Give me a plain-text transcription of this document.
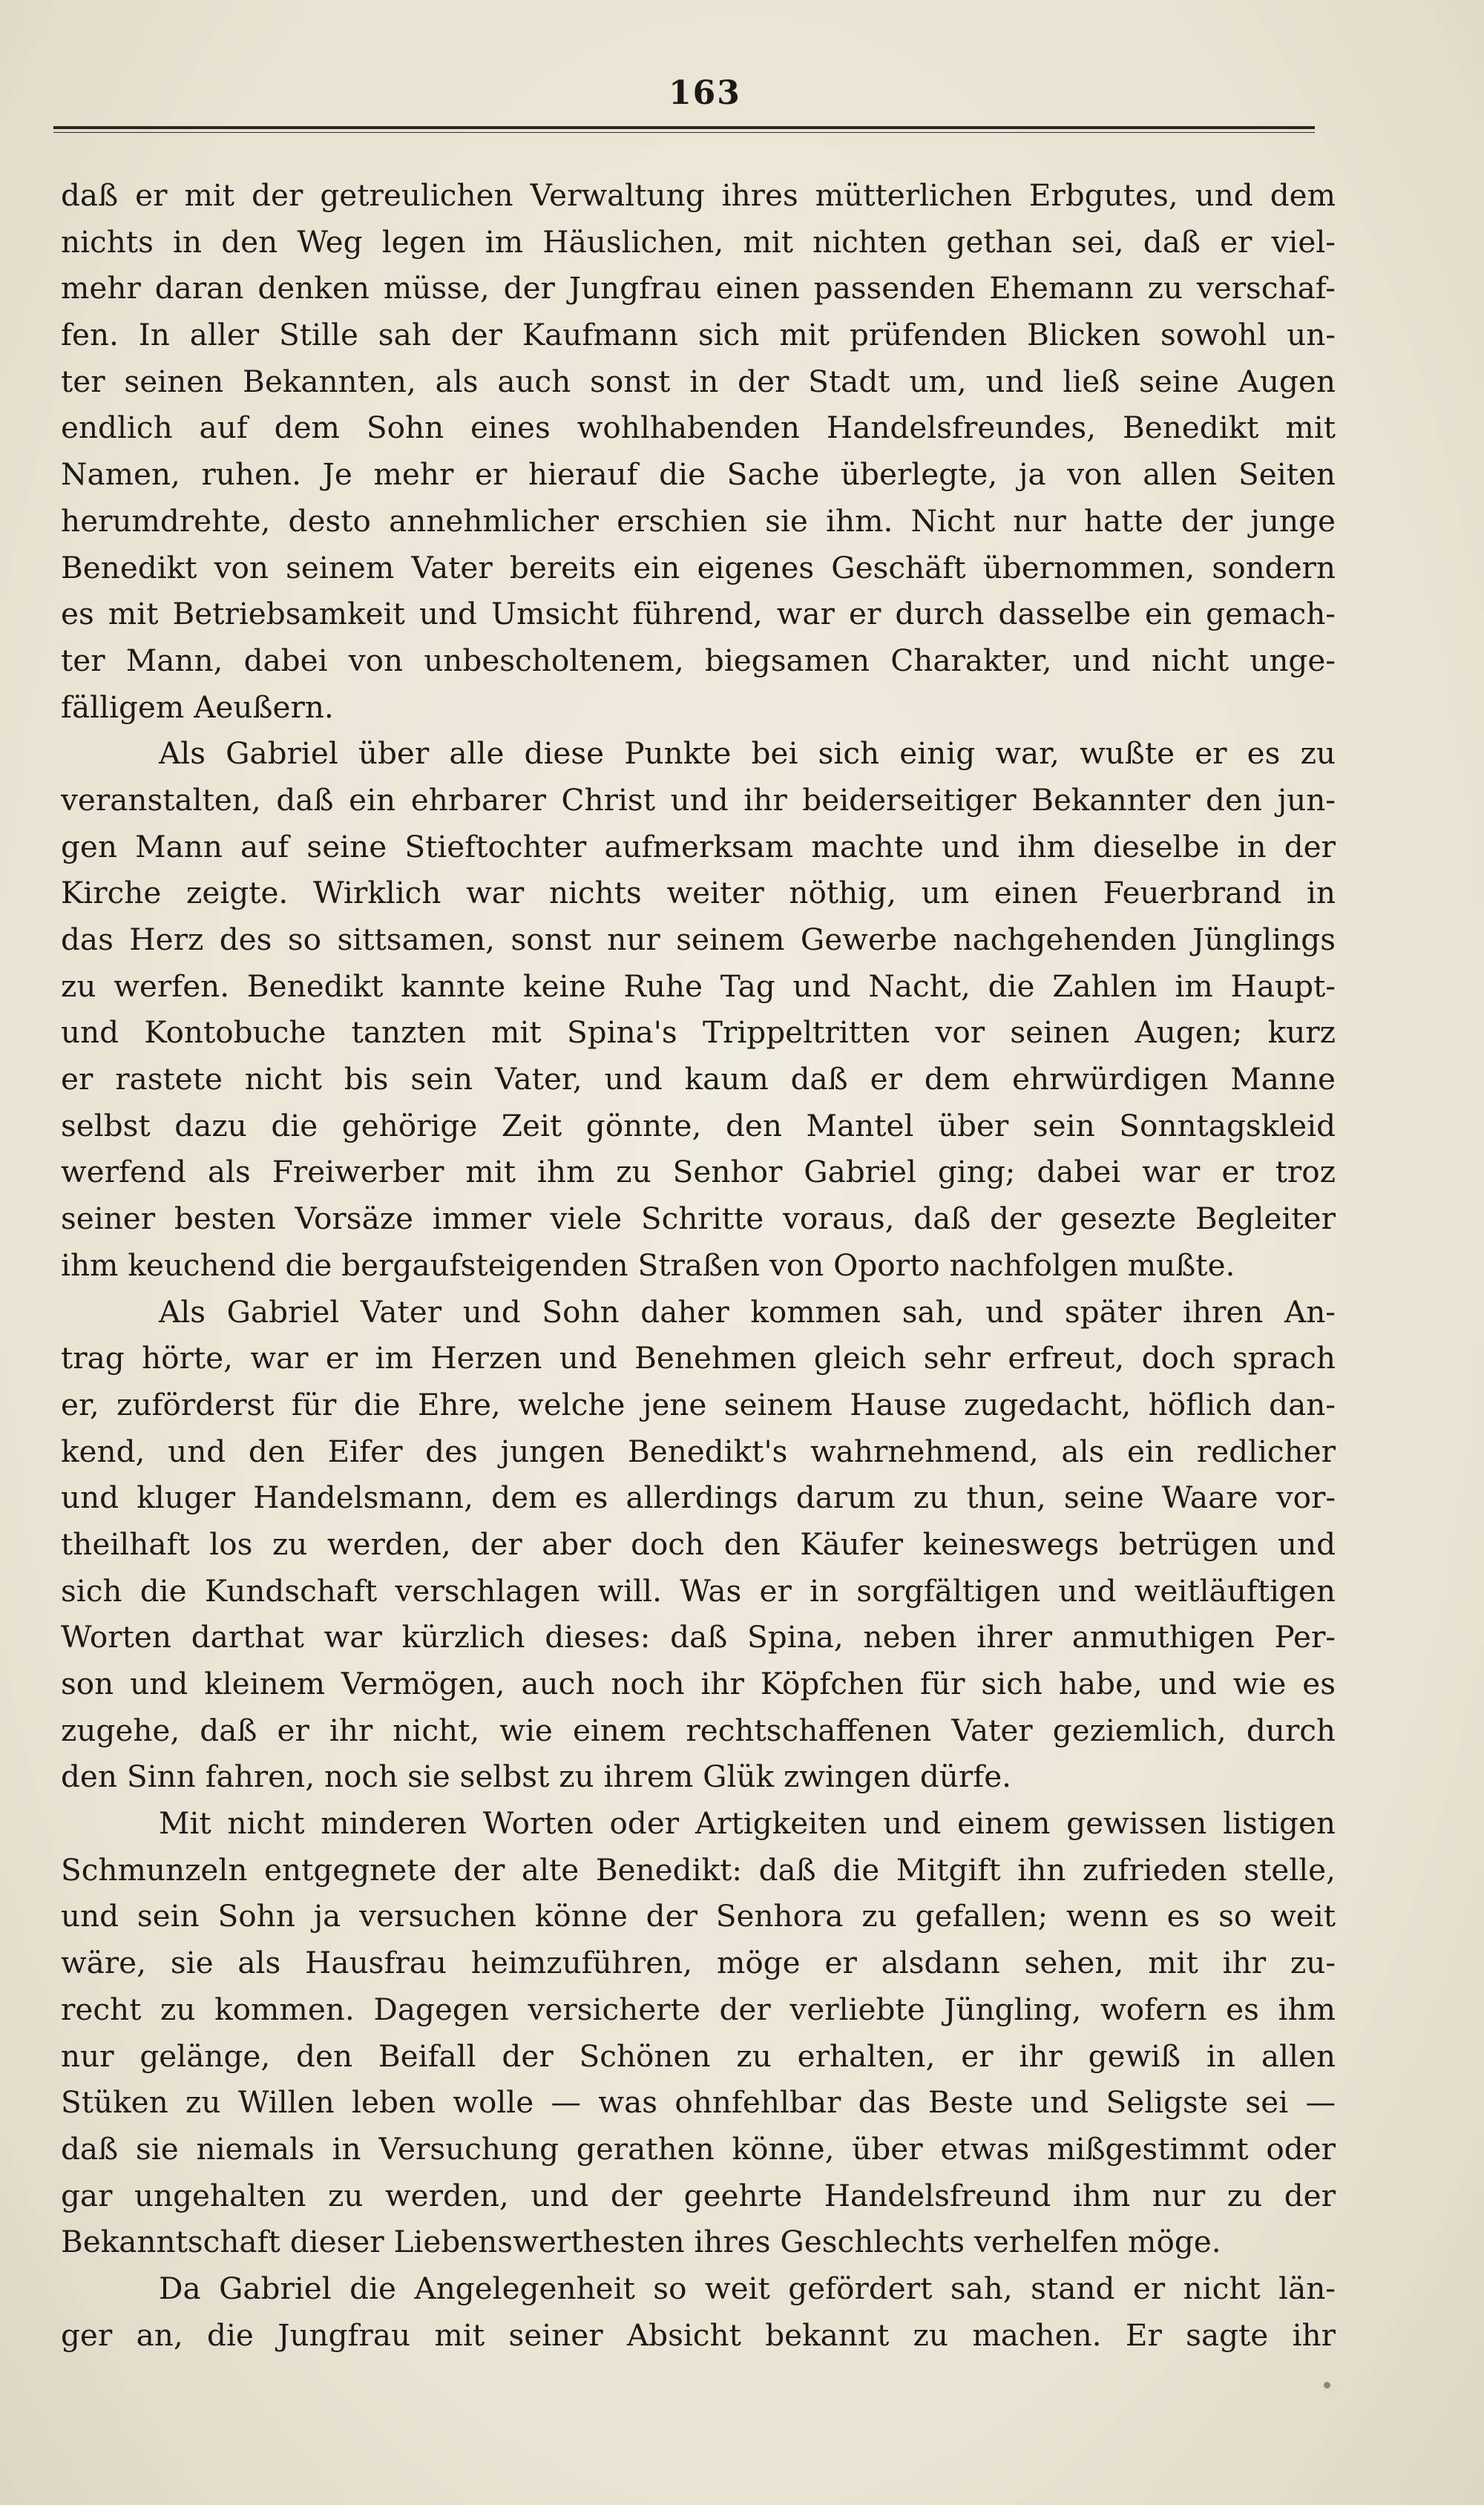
163
daß er mit der getreulichen Verwaltung ihres mütterlichen Erbgutes, und dem
nichts in den Weg legen im Häuslichen, mit nichten gethan sei, daß er viel-
mehr daran denken müsse, der Jungfrau einen passenden Ehemann zu verschaf-
fen. In aller Stille sah der Kaufmann sich mit prüfenden Blicken sowohl un-
ter seinen Bekannten, als auch sonst in der Stadt um, und ließ seine Augen
endlich auf dem Sohn eines wohlhabenden Handelsfreundes, Benedikt mit
Namen, ruhen. Je mehr er hierauf die Sache überlegte, ja von allen Seiten
herumdrehte, desto annehmlicher erschien sie ihm. Nicht nur hatte der junge
Benedikt von seinem Vater bereits ein eigenes Geschäft übernommen, sondern
es mit Betriebsamkeit und Umsicht führend, war er durch dasselbe ein gemach-
ter Mann, dabei von unbescholtenem, biegsamen Charakter, und nicht unge-
fälligem Aeußern.
Als Gabriel über alle diese Punkte bei sich einig war, wußte er es zu
veranstalten, daß ein ehrbarer Christ und ihr beiderseitiger Bekannter den jun-
gen Mann auf seine Stieftochter aufmerksam machte und ihm dieselbe in der
Kirche zeigte. Wirklich war nichts weiter nöthig, um einen Feuerbrand in
das Herz des so sittsamen, sonst nur seinem Gewerbe nachgehenden Jünglings
zu werfen. Benedikt kannte keine Ruhe Tag und Nacht, die Zahlen im Haupt-
und Kontobuche tanzten mit Spina's Trippeltritten vor seinen Augen; kurz
er rastete nicht bis sein Vater, und kaum daß er dem ehrwürdigen Manne
selbst dazu die gehörige Zeit gönnte, den Mantel über sein Sonntagskleid
werfend als Freiwerber mit ihm zu Senhor Gabriel ging; dabei war er troz
seiner besten Vorsäze immer viele Schritte voraus, daß der gesezte Begleiter
ihm keuchend die bergaufsteigenden Straßen von Oporto nachfolgen mußte.
Als Gabriel Vater und Sohn daher kommen sah, und später ihren An-
trag hörte, war er im Herzen und Benehmen gleich sehr erfreut, doch sprach
er, zuförderst für die Ehre, welche jene seinem Hause zugedacht, höflich dan-
kend, und den Eifer des jungen Benedikt's wahrnehmend, als ein redlicher
und kluger Handelsmann, dem es allerdings darum zu thun, seine Waare vor-
theilhaft los zu werden, der aber doch den Käufer keineswegs betrügen und
sich die Kundschaft verschlagen will. Was er in sorgfältigen und weitläuftigen
Worten darthat war kürzlich dieses: daß Spina, neben ihrer anmuthigen Per-
son und kleinem Vermögen, auch noch ihr Köpfchen für sich habe, und wie es
zugehe, daß er ihr nicht, wie einem rechtschaffenen Vater geziemlich, durch
den Sinn fahren, noch sie selbst zu ihrem Glük zwingen dürfe.
Mit nicht minderen Worten oder Artigkeiten und einem gewissen listigen
Schmunzeln entgegnete der alte Benedikt: daß die Mitgift ihn zufrieden stelle,
und sein Sohn ja versuchen könne der Senhora zu gefallen; wenn es so weit
wäre, sie als Hausfrau heimzuführen, möge er alsdann sehen, mit ihr zu-
recht zu kommen. Dagegen versicherte der verliebte Jüngling, wofern es ihm
nur gelänge, den Beifall der Schönen zu erhalten, er ihr gewiß in allen
Stüken zu Willen leben wolle — was ohnfehlbar das Beste und Seligste sei —
daß sie niemals in Versuchung gerathen könne, über etwas mißgestimmt oder
gar ungehalten zu werden, und der geehrte Handelsfreund ihm nur zu der
Bekanntschaft dieser Liebenswerthesten ihres Geschlechts verhelfen möge.
Da Gabriel die Angelegenheit so weit gefördert sah, stand er nicht län-
ger an, die Jungfrau mit seiner Absicht bekannt zu machen. Er sagte ihr
